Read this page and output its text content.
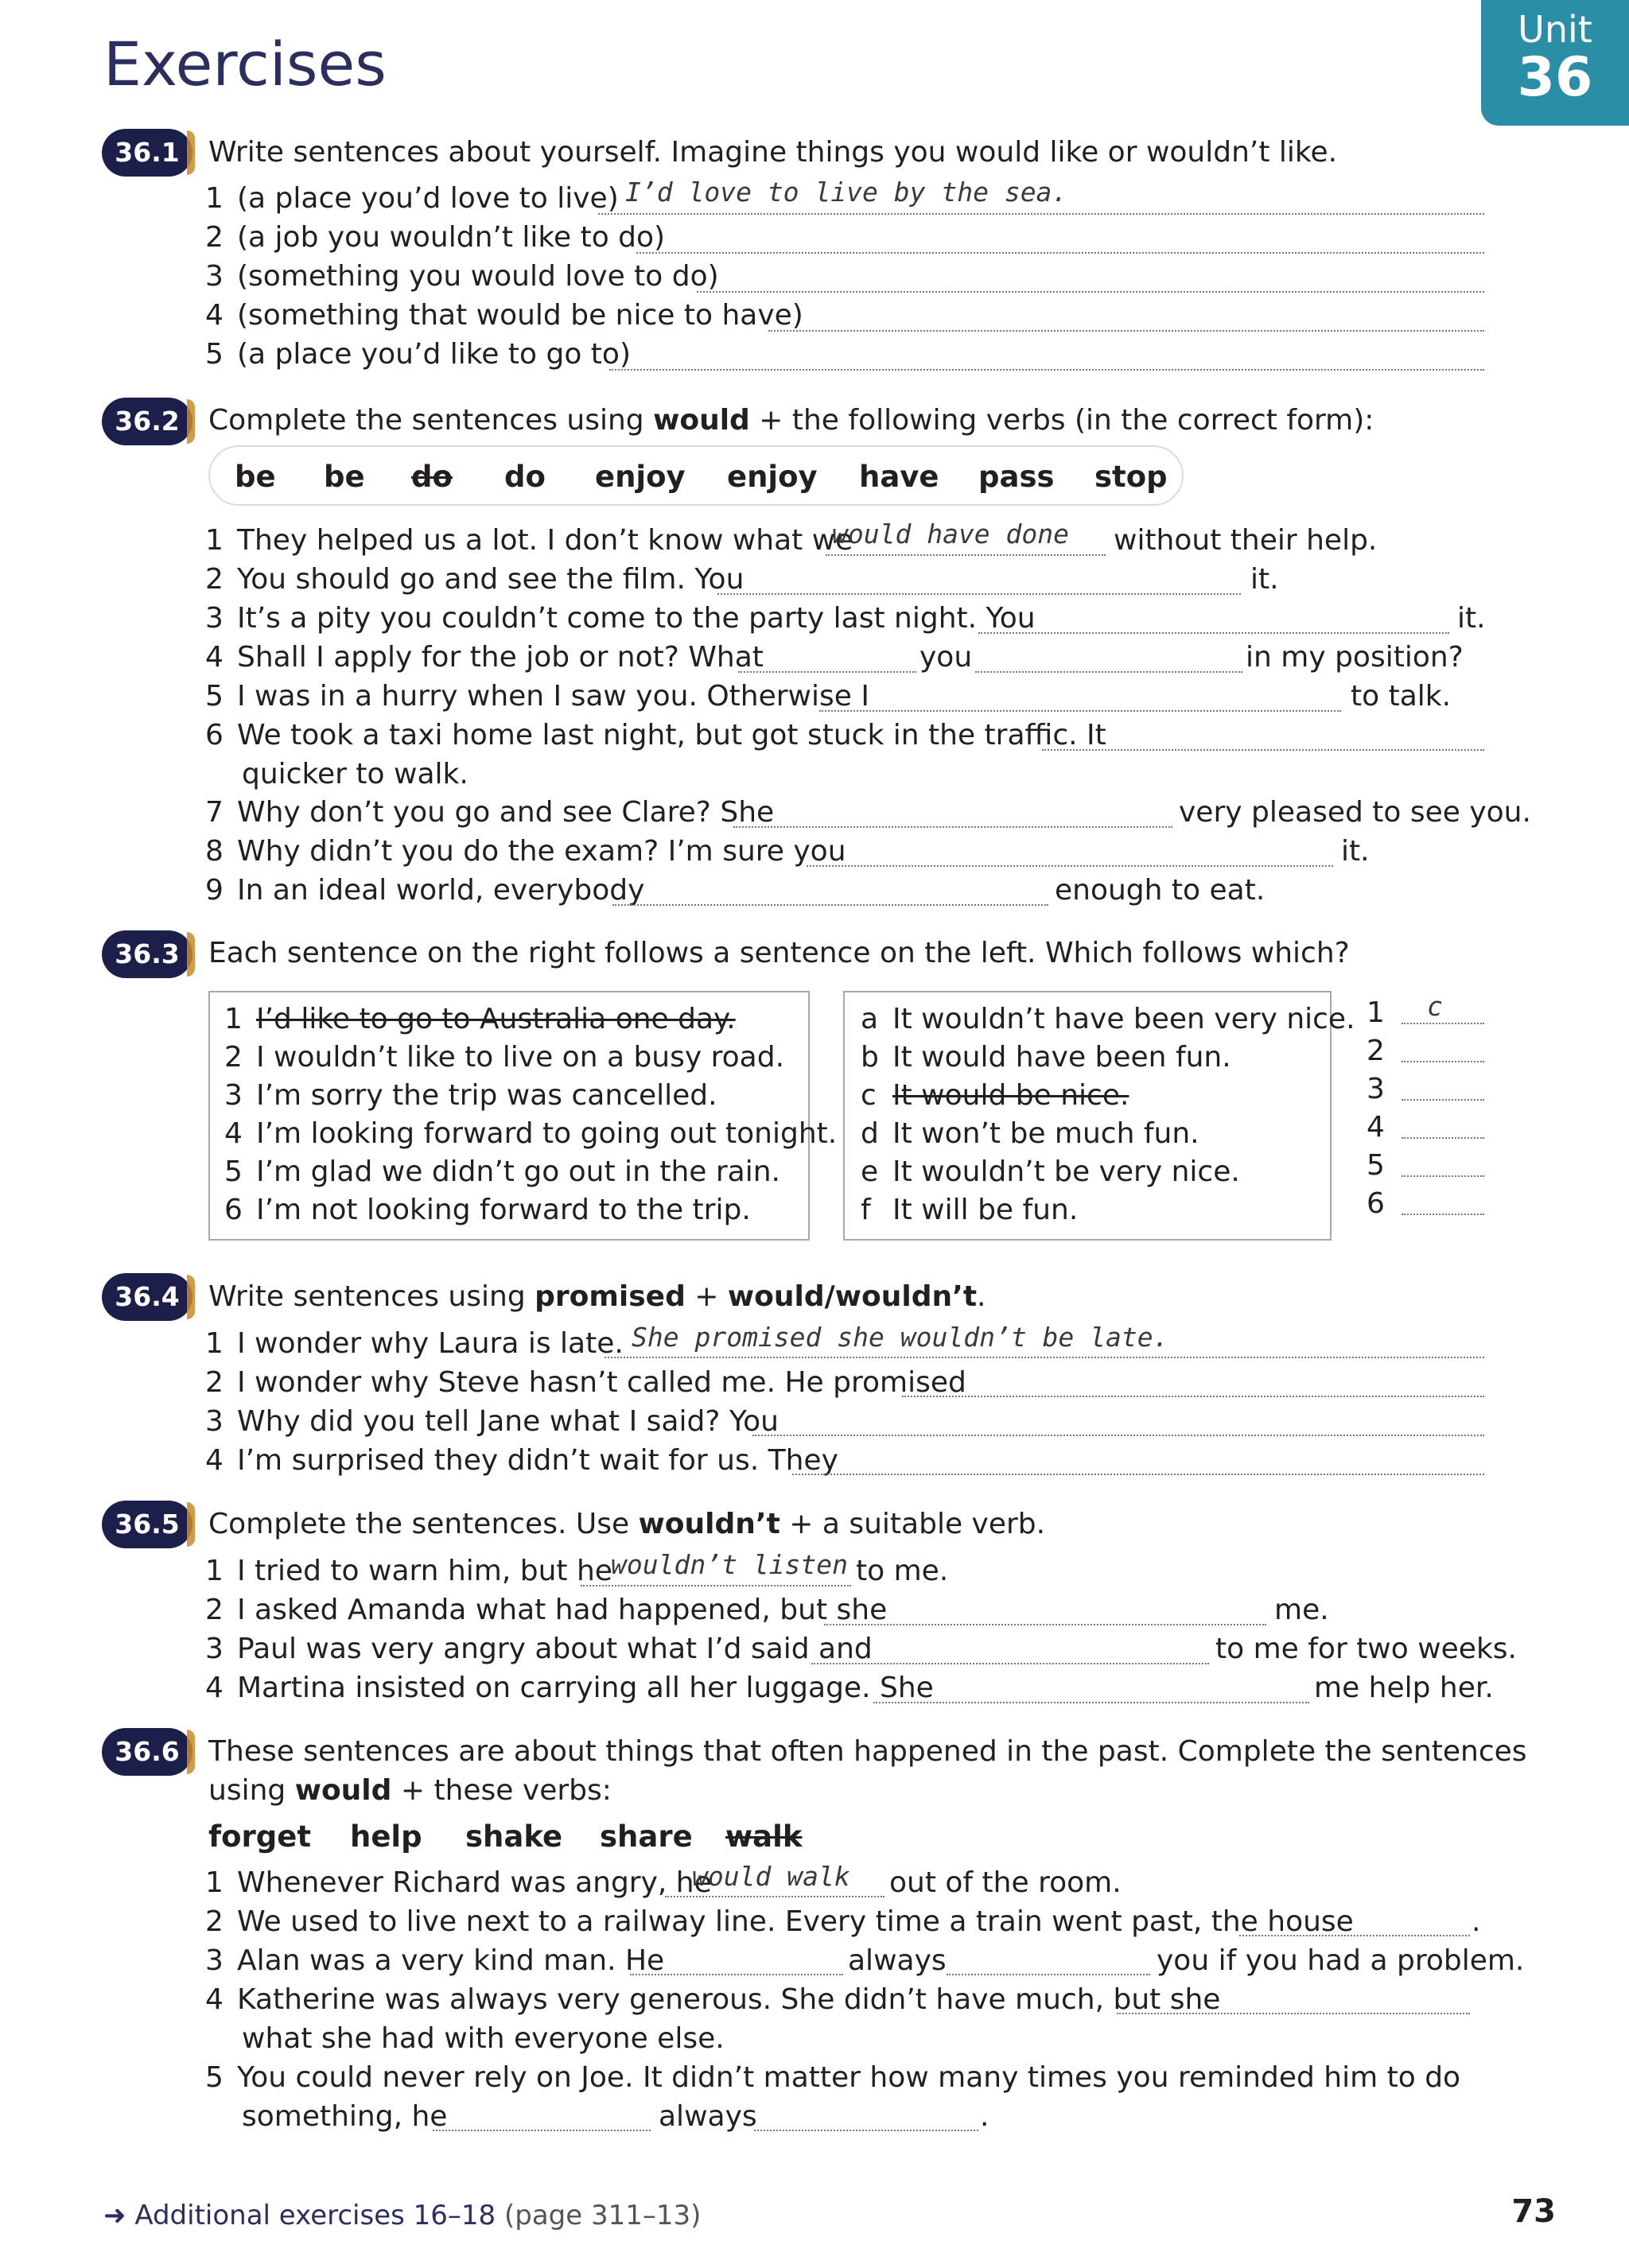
Exercises	Unit
36
36.1	Write sentences about yourself. Imagine things you would like or wouldn’t like.
1 (a place you’d love to live) I’d love to live by the sea.
2 (a job you wouldn’t like to do)
3 (something you would love to do)
4 (something that would be nice to have)
5 (a place you’d like to go to)
36.2	Complete the sentences using would + the following verbs (in the correct form):
be be do do enjoy enjoy have pass stop
1 They helped us a lot. I don’t know what we
would have done without their help.
2 You should go and see the film. You	it.
3 It’s a pity you couldn’t come to the party last night. You	it.
4 Shall I apply for the job or not? What	you	in my position?
5 I was in a hurry when I saw you. Otherwise I	to talk.
6 We took a taxi home last night, but got stuck in the traffic. It
quicker to walk.
7 Why don’t you go and see Clare? She	very pleased to see you.
8 Why didn’t you do the exam? I’m sure you	it.
9 In an ideal world, everybody	enough to eat.
36.3	Each sentence on the right follows a sentence on the left. Which follows which?
1 I’d like to go to Australia one day.
2 I wouldn’t like to live on a busy road.
3 I’m sorry the trip was cancelled.
4 I’m looking forward to going out tonight.
5 I’m glad we didn’t go out in the rain.
6 I’m not looking forward to the trip.
a It wouldn’t have been very nice.
b It would have been fun.
c It would be nice.
d It won’t be much fun.
e It wouldn’t be very nice.
f It will be fun.
1 c
2
3
4
5
6
36.4	Write sentences using promised + would/wouldn’t.
1 I wonder why Laura is late. She promised she wouldn’t be late.
2 I wonder why Steve hasn’t called me. He promised
3 Why did you tell Jane what I said? You
4 I’m surprised they didn’t wait for us. They
36.5	Complete the sentences. Use wouldn’t + a suitable verb.
1 I tried to warn him, but he
wouldn’t listen to me.
2 I asked Amanda what had happened, but she	me.
3 Paul was very angry about what I’d said and	to me for two weeks.
4 Martina insisted on carrying all her luggage. She	me help her.
36.6	These sentences are about things that often happened in the past. Complete the sentences
using would + these verbs:
forget help shake share walk
1 Whenever Richard was angry, he
would walk out of the room.
2 We used to live next to a railway line. Every time a train went past, the house	.
3 Alan was a very kind man. He	always	you if you had a problem.
4 Katherine was always very generous. She didn’t have much, but she
what she had with everyone else.
5 You could never rely on Joe. It didn’t matter how many times you reminded him to do
something, he	always	.
➜ Additional exercises 16–18 (page 311–13)	73
